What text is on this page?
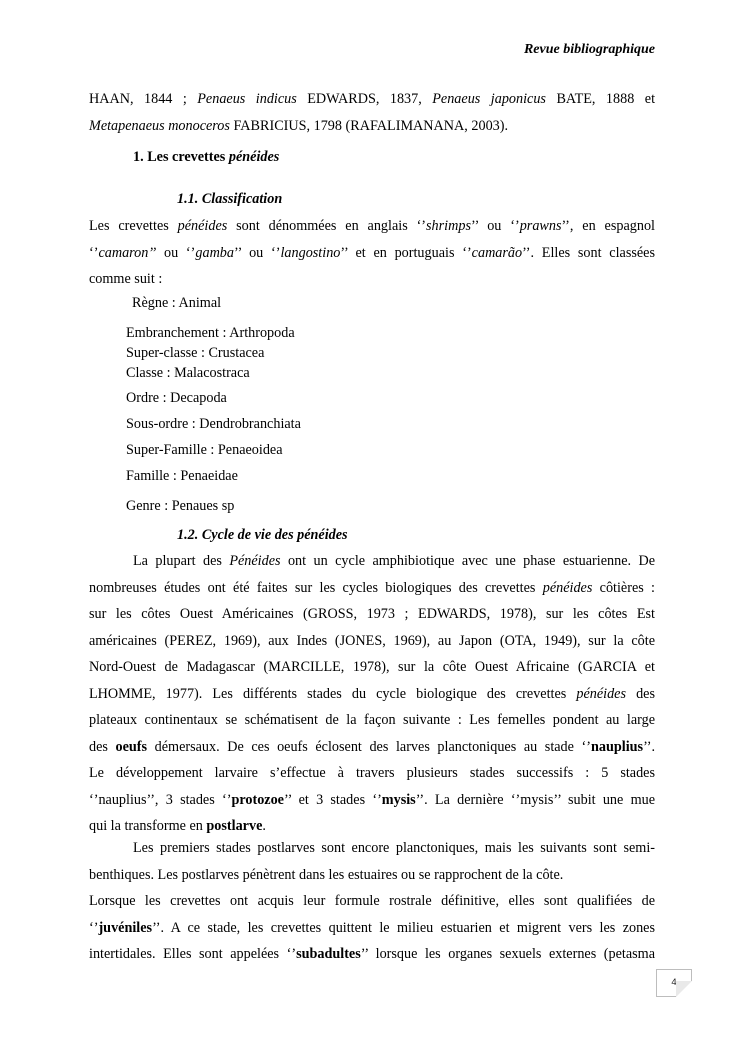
Revue bibliographique
HAAN, 1844 ; Penaeus indicus EDWARDS, 1837, Penaeus japonicus BATE, 1888 et
Metapenaeus monoceros FABRICIUS, 1798 (RAFALIMANANA, 2003).
1. Les crevettes pénéides
1.1. Classification
Les crevettes pénéides sont dénommées en anglais ‘’shrimps’’ ou ‘’prawns’’, en espagnol
‘’camaron’’ ou ‘’gamba’’ ou ‘’langostino’’ et en portuguais ‘’camarão’’. Elles sont classées
comme suit :
Règne : Animal
Embranchement : Arthropoda
Super-classe : Crustacea
Classe : Malacostraca
Ordre : Decapoda
Sous-ordre : Dendrobranchiata
Super-Famille : Penaeoidea
Famille : Penaeidae
Genre : Penaues sp
1.2. Cycle de vie des pénéides
La plupart des Pénéides ont un cycle amphibiotique avec une phase estuarienne. De
nombreuses études ont été faites sur les cycles biologiques des crevettes pénéides côtières :
sur les côtes Ouest Américaines (GROSS, 1973 ; EDWARDS, 1978), sur les côtes Est
américaines (PEREZ, 1969), aux Indes (JONES, 1969), au Japon (OTA, 1949), sur la côte
Nord-Ouest de Madagascar (MARCILLE, 1978), sur la côte Ouest Africaine (GARCIA et
LHOMME, 1977). Les différents stades du cycle biologique des crevettes pénéides des
plateaux continentaux se schématisent de la façon suivante : Les femelles pondent au large
des oeufs démersaux. De ces oeufs éclosent des larves planctoniques au stade ‘’nauplius’’.
Le développement larvaire s’effectue à travers plusieurs stades successifs : 5 stades
‘’nauplius’’, 3 stades ‘’protozoe’’ et 3 stades ‘’mysis’’. La dernière ‘’mysis’’ subit une mue
qui la transforme en postlarve.
Les premiers stades postlarves sont encore planctoniques, mais les suivants sont semi-
benthiques. Les postlarves pénètrent dans les estuaires ou se rapprochent de la côte.
Lorsque les crevettes ont acquis leur formule rostrale définitive, elles sont qualifiées de
‘’juvéniles’’. A ce stade, les crevettes quittent le milieu estuarien et migrent vers les zones
intertidales. Elles sont appelées ‘’subadultes’’ lorsque les organes sexuels externes (petasma
4
